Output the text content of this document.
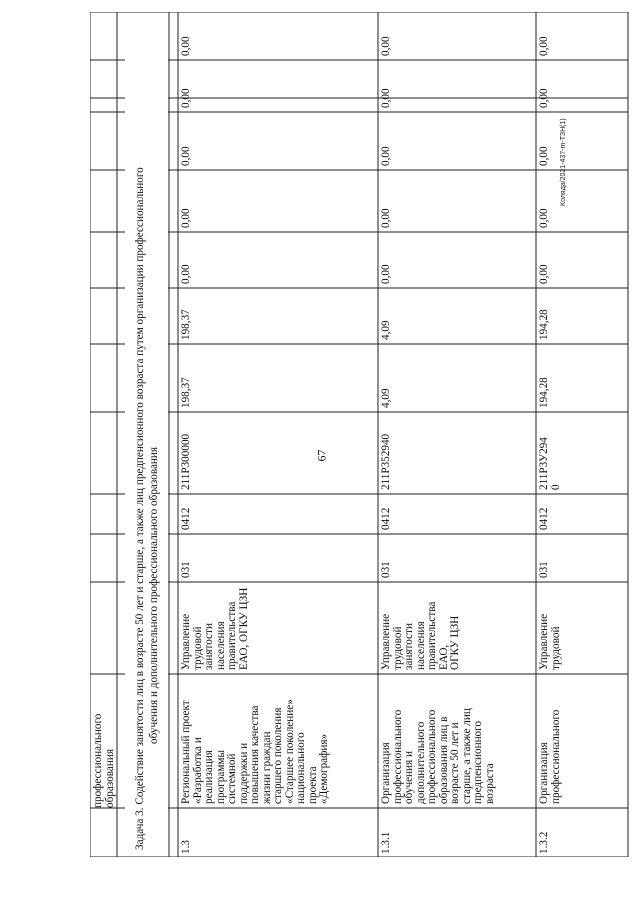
67
профессионального
образования Задача 3. Содействие занятости лиц в возрасте 50 лет и старше, а также лиц предпенсионного возраста путем организации профессионального обучения и дополнительного профессионального образования
1.3
Региональный проект
«Разработка и
реализация
программы
системной
поддержки и
повышения качества
жизни граждан
старшего поколения
«Старшее поколение»
национального
проекта
«Демография»
Управление
трудовой
занятости
населения
правительства
ЕАО, ОГКУ ЦЗН
031
0412
211P300000
198,37
198,37
0,00
0,00
0,00
0,00
0,00
1.3.1
Организация
профессионального
обучения и
дополнительного
профессионального
образования лиц в
возрасте 50 лет и
старше, а также лиц
предпенсионного
возраста
Управление
трудовой
занятости
населения
правительства
ЕАО,
ОГКУ ЦЗН
031
0412
211P352940
4,09
4,09
0,00
0,00
0,00
0,00
0,00
1.3.2
Организация
профессионального
Управление
трудовой
031
0412
211P3У294
0
194,28
194,28
0,00
0,00
0,00
0,00
0,00
Коляда/2021-437-m-ТЗН(1)
